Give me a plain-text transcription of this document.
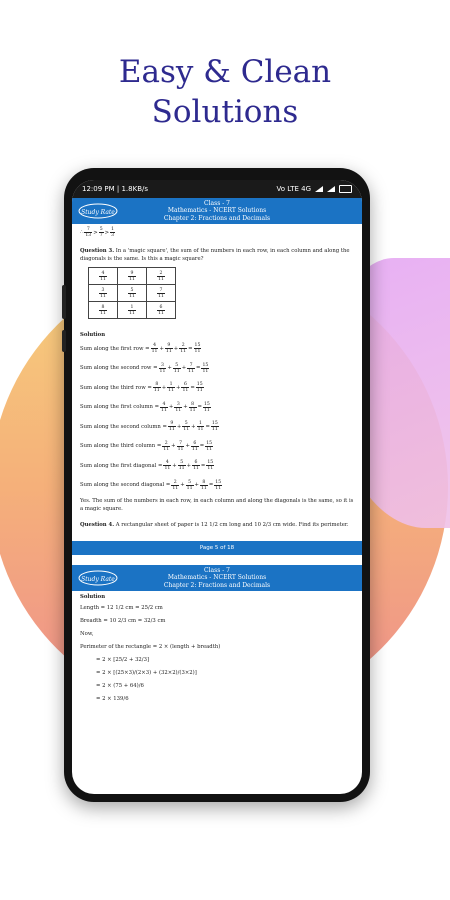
Easy & Clean
Solutions
12:09 PM | 1.8KB/s	Vo LTE 4G
Study Rate
Class - 7
Mathematics - NCERT Solutions
Chapter 2: Fractions and Decimals
∴ $\frac{7}{13} > \frac{5}{7} > \frac{1}{3}$
Question 3. In a 'magic square', the sum of the numbers in each row, in each column and along the diagonals is the same. Is this a magic square?
$\frac{4}{11}$	$\frac{9}{11}$	$\frac{2}{11}$

$\frac{3}{11}$	$\frac{5}{11}$	$\frac{7}{11}$

$\frac{8}{11}$	$\frac{1}{11}$	$\frac{6}{11}$
Solution
Sum along the first row = $\frac{4}{11} + \frac{9}{11} + \frac{2}{11} = \frac{15}{11}$
Sum along the second row = $\frac{3}{11} + \frac{5}{11} + \frac{7}{11} = \frac{15}{11}$
Sum along the third row = $\frac{8}{11} + \frac{1}{11} + \frac{6}{11} = \frac{15}{11}$
Sum along the first column = $\frac{4}{11} + \frac{3}{11} + \frac{8}{11} = \frac{15}{11}$
Sum along the second column = $\frac{9}{11} + \frac{5}{11} + \frac{1}{11} = \frac{15}{11}$
Sum along the third column = $\frac{2}{11} + \frac{7}{11} + \frac{6}{11} = \frac{15}{11}$
Sum along the first diagonal = $\frac{4}{11} + \frac{5}{11} + \frac{6}{11} = \frac{15}{11}$
Sum along the second diagonal = $\frac{2}{11} + \frac{5}{11} + \frac{8}{11} = \frac{15}{11}$
Yes. The sum of the numbers in each row, in each column and along the diagonals is the same, so it is a magic square.
Question 4. A rectangular sheet of paper is 12 1/2 cm long and 10 2/3 cm wide. Find its perimeter.
Page 5 of 18
Study Rate
Class - 7
Mathematics - NCERT Solutions
Chapter 2: Fractions and Decimals
Solution
Length = 12 1/2 cm = 25/2 cm
Breadth = 10 2/3 cm = 32/3 cm
Now,
Perimeter of the rectangle = 2 × (length + breadth)
= 2 × [25/2 + 32/3]
= 2 × [(25×3)/(2×3) + (32×2)/(3×2)]
= 2 × (75 + 64)/6
= 2 × 139/6
